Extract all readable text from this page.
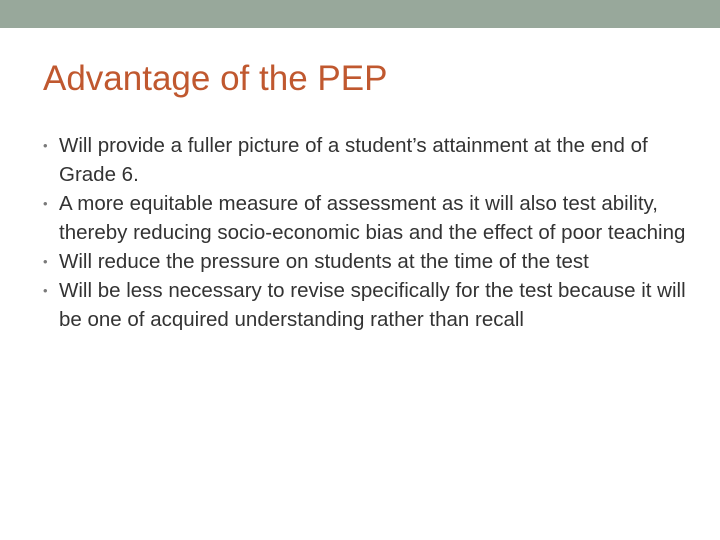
Advantage of the PEP
• Will provide a fuller picture of a student’s attainment at the end of Grade 6.
• A more equitable measure of assessment as it will also test ability, thereby reducing socio-economic bias and the effect of poor teaching
• Will reduce the pressure on students at the time of the test
• Will be less necessary to revise specifically for the test because it will be one of acquired understanding rather than recall
